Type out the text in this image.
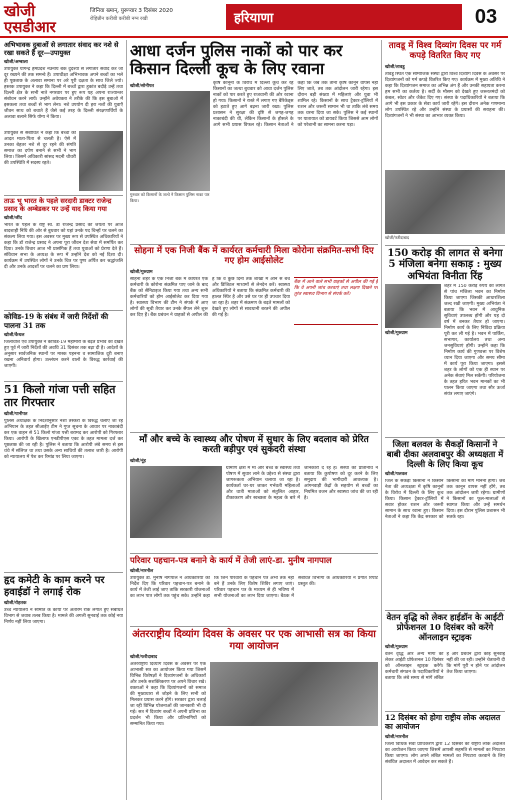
खोजी एसडीआर
जिनिवा ख्मान्, युरूप्वार 3 दिसंबर 2020
रोहिन्नौन करीबी करीबी नग्न रखी	हरियाणा	03
अभिभावक दुबाओं से लगातार संवाद कर नशे से रखा सकते हैं दूर—उपायुक्त
खोजी/अम्बाला

उपायुक्त योगेन्द्र हमप्रदेश नेउनाये बैंक दुदेश्यों से लगातार संवाद करें जो दूर रख्यने की तक समन्वे हैं। उपाधीक्षा अभिभावक अपने बच्चों का भले ही पूछताछ के अलावा समाना पर अरे पूरी दक्षता के साथ जिले ज्यो। हस्तक उपायुक्त ने कहा कि दिल्ली में बच्चों द्वारा हुकांत बदौड़े उन्हें तथा दिल्ली क्षेत्र के सभी नाते नगरवार पर हुए रूप यह अपना राज्यान्तर संबोधन करने लायें। उन्होंने अवेयक्ता ने तरीके की कि इस बुबाओ में इसकला तथा बच्चों से भाग लेना। नशे उपयोग दी हरा नशों की युवाएँ जीवन साथ को बचाते हैं जैसे कई तरह के दिल्ली संरक्षणार्थियों के अलावा बलाने सिर्फ योग्य ने किया।

उपायुक्त से संबोधित ने कहा कि बच्चों की आदत माता-पिता से चलती है। ऐसे में उनका बेहतर नशे से दूर रहने की संगति समाज का दर्पण बनाने से सभी ने भाग लिया। जिसमें अधिकारी सांसद मदनी चौधरी की उपस्थिति में सदस्य रहते।

ताऊ भू भारत के पहले सरदारी डाक्टर राजेन्द्र प्रसाद के अम्बेडकर पर उन्हें याद किया गया
खोजी/जींद

भारत के पहले के राष्ट्र स्व. डॉ राजेन्द्र प्रसाद की जयंती पर आज बादशाही निधि की ओर से बुधवार को यहां उनके पद चिन्हों पर चलने का संकल्प लिया गया। इस अवसर पर मुख्य रूप से उपस्थित अधिकारियों ने कहा कि डॉ राजेन्द्र प्रसाद ने अपना पूरा जीवन देश सेवा में समर्पित कर दिया। उनके विचार आज भी प्रासंगिक हैं तथा युवाओं को प्रेरणा देते हैं। संविधान सभा के अध्यक्ष के रूप में उन्होंने देश को नई दिशा दी। कार्यक्रम में उपस्थित लोगों ने उनके चित्र पर पुष्प अर्पित कर श्रद्धांजलि दी और उनके आदर्शों पर चलने का प्रण लिया।

कोविड-19 के संबंध में जारी निर्देशों की पालना 31 तक
खोजी/कैथल

जिलाधीश एवं उपायुक्त ने कोविड-19 महामारी के बढ़ते प्रभाव को देखते हुए पूर्व में जारी निर्देशों की अवधि 31 दिसंबर तक बढ़ा दी है। आदेशों के अनुसार सार्वजनिक स्थानों पर मास्क पहनना व सामाजिक दूरी बनाए रखना अनिवार्य होगा। उल्लंघन करने वालों के विरुद्ध कार्रवाई की जाएगी।

51 किलो गांजा पत्ती सहित तार गिरफ्तार
खोजी/पानीपत

पुलिस अधीक्षक के निर्देशानुसार नशा तस्करों के विरुद्ध चलाए जा रहे अभियान के तहत सीआईए टीम ने गुप्त सूचना के आधार पर नाकाबंदी कर एक वाहन से 51 किलो गांजा पत्ती बरामद कर आरोपी को गिरफ्तार किया। आरोपी के खिलाफ एनडीपीएस एक्ट के तहत मामला दर्ज कर पूछताछ की जा रही है। पुलिस ने बताया कि आरोपी लंबे समय से इस धंधे में संलिप्त था तथा उसके अन्य साथियों की तलाश जारी है। आरोपी को न्यायालय में पेश कर रिमांड पर लिया जाएगा।

हृद कमेटी के काम करने पर हवाईडॉ ने लगाई रोक
खोजी/रोहतक

उच्च न्यायालय ने समिति के कार्यों पर अंतरिम रोक लगाते हुए संबंधित विभाग से जवाब तलब किया है। मामले की अगली सुनवाई तक कोई नया निर्णय नहीं लिया जाएगा।

आधा दर्जन पुलिस नाकों को पार कर किसान दिल्ली कूच के लिए रवाना
खोजी/सोनीपत
गुरुवार को किसानों के जत्थे ने किसान पुलिस नाका पार किया।

कृषि कानूनों के विरोध में दिल्ली कूच कर रहे किसानों का जत्था बुधवार को आधा दर्जन पुलिस नाकों को पार करते हुए राजधानी की ओर रवाना हो गया। किसानों ने रास्ते में लगाए गए बैरिकेड्स को हटाते हुए आगे बढ़ना जारी रखा। पुलिस प्रशासन ने सुरक्षा की दृष्टि से जगह-जगह नाकाबंदी की थी, लेकिन किसानों के हौसले के आगे सभी प्रयास विफल रहे। किसान नेताओं ने कहा कि जब तक तीनों कृषि कानून वापस नहीं लिए जाते, तब तक आंदोलन जारी रहेगा। इस दौरान बड़ी संख्या में महिलाएं और युवा भी शामिल रहे। किसानों के साथ ट्रैक्टर-ट्रॉलियों में राशन और जरूरी सामान भी था ताकि लंबे समय तक धरना दिया जा सके। पुलिस ने कई स्थानों पर यातायात को डायवर्ट किया जिससे आम लोगों को परेशानी का सामना करना पड़ा।

सोहना में एक निजी बैंक में कार्यरत कर्मचारी मिला कोरोना संक्रमित-सभी दिए गए होम आईसोलेट
खोजी/गुरुग्राम

सोहना शहर के एक निजी बैंक में कार्यरत एक कर्मचारी के कोरोना संक्रमित पाए जाने के बाद बैंक को सैनिटाइज किया गया तथा अन्य सभी कर्मचारियों को होम आईसोलेट कर दिया गया है। स्वास्थ्य विभाग की टीम ने संपर्क में आए लोगों की सूची तैयार कर उनके सैंपल लेने शुरू कर दिए हैं। बैंक प्रबंधन ने ग्राहकों से अपील की है कि वे कुछ दिनों तक शाखा में आने से बचें और डिजिटल माध्यमों से लेनदेन करें। स्वास्थ्य अधिकारियों ने बताया कि संक्रमित कर्मचारी की हालत स्थिर है और उसे घर पर ही उपचार दिया जा रहा है। शहर में संक्रमण के बढ़ते मामलों को देखते हुए लोगों से सावधानी बरतने की अपील की गई है।

बैंक में आने वाले सभी ग्राहकों से अपील की गई है कि वे अपनी जांच करवाएं तथा लक्षण दिखने पर तुरंत स्वास्थ्य विभाग से संपर्क करें।

माँ और बच्चे के स्वास्थ्य और पोषण में सुधार के लिए बदलाव को प्रेरित करती बड़ीपुर एवं सुकंदरी संस्था
खोजी/नूंह

ग्रामीण क्षेत्रों में मां और बच्चे के स्वास्थ्य तथा पोषण में सुधार लाने के उद्देश्य से संस्था द्वारा जागरूकता अभियान चलाया जा रहा है। कार्यकर्ता घर-घर जाकर गर्भवती महिलाओं और धात्री माताओं को संतुलित आहार, टीकाकरण और स्वच्छता के महत्व के बारे में जानकारी दे रहे हैं। संस्था की प्रतिनिधि ने बताया कि कुपोषण को दूर करने के लिए समुदाय की भागीदारी आवश्यक है। आंगनवाड़ी केंद्रों के सहयोग से बच्चों का नियमित वजन और स्वास्थ्य जांच की जा रही है।

परिवार पहचान-पत्र बनाने के कार्य में तेजी लाएं-डा. मुनीष नागपाल
खोजी/नारनौल

उपायुक्त डा. मुनीष नागपाल ने अधिकारियों को निर्देश दिए कि परिवार पहचान-पत्र बनाने के कार्य में तेजी लाई जाए ताकि सरकारी योजनाओं का लाभ पात्र लोगों तक पहुंच सके। उन्होंने कहा कि जिन परिवारों के पहचान पत्र अभी तक नहीं बने हैं उनके लिए विशेष शिविर लगाए जाएं। परिवार पहचान पत्र के माध्यम से ही भविष्य में सभी योजनाओं का लाभ दिया जाएगा। बैठक में संबंधित विभागों के अधिकारियों ने प्रगति रिपोर्ट प्रस्तुत की।

अंतरराष्ट्रीय दिव्यांग दिवस के अवसर पर एक आभासी सत्र का किया गया आयोजन
खोजी/फरीदाबाद

अंतरराष्ट्रीय दिव्यांग दिवस के अवसर पर एक आभासी सत्र का आयोजन किया गया जिसमें विभिन्न विशेषज्ञों ने दिव्यांगजनों के अधिकारों और उनके सशक्तिकरण पर अपने विचार रखे। वक्ताओं ने कहा कि दिव्यांगजनों को समाज की मुख्यधारा से जोड़ने के लिए सभी को मिलकर प्रयास करने होंगे। सरकार द्वारा चलाई जा रही विभिन्न योजनाओं की जानकारी भी दी गई। सत्र में दिव्यांग बच्चों ने अपनी प्रतिभा का प्रदर्शन भी किया और प्रतिभागियों को सम्मानित किया गया।

तावडू में विश्व दिव्यांग दिवस पर गर्म कपड़े वितरित किए गए
खोजी/तावडू

तावडू स्थित एक सामाजिक संस्था द्वारा विश्व दिव्यांग दिवस के अवसर पर दिव्यांगजनों को गर्म कपड़े वितरित किए गए। कार्यक्रम में मुख्य अतिथि ने कहा कि दिव्यांगजन समाज का अभिन्न अंग हैं और उनकी सहायता करना हम सभी का कर्तव्य है। सर्दी के मौसम को देखते हुए जरूरतमंदों को कंबल, स्वेटर और जैकेट दिए गए। संस्था के पदाधिकारियों ने बताया कि आगे भी इस प्रकार के सेवा कार्य जारी रहेंगे। इस दौरान अनेक गणमान्य लोग उपस्थित रहे और उन्होंने संस्था के प्रयासों की सराहना की। दिव्यांगजनों ने भी संस्था का आभार व्यक्त किया।

खोजी/फरीदाबाद
150 करोड़ की लागत से बनेगा 5 मंजिला बनेगा सकाड़ : मुख्य अभियंता विनीता रिंह
खोजी/गुरुग्राम

शहर में 150 करोड़ रुपये की लागत से पांच मंजिला भवन का निर्माण किया जाएगा जिसकी आधारशिला जल्द रखी जाएगी। मुख्य अभियंता ने बताया कि भवन में आधुनिक सुविधाएं उपलब्ध होंगी और यह दो वर्ष में बनकर तैयार हो जाएगा। निर्माण कार्य के लिए निविदा प्रक्रिया पूरी कर ली गई है। भवन में पार्किंग, सभागार, कार्यालय तथा अन्य जनसुविधाएं होंगी। उन्होंने कहा कि निर्माण कार्य की गुणवत्ता पर विशेष ध्यान दिया जाएगा और समय सीमा में कार्य पूरा किया जाएगा। इससे शहर के लोगों को एक ही स्थान पर अनेक सेवाएं मिल सकेंगी। परियोजना के तहत हरित भवन मानकों का भी पालन किया जाएगा तथा सौर ऊर्जा संयंत्र लगाए जाएंगे।

जिला बलवल के सैकड़ों किसानों ने बाबी दीका अलवाबपुर की अध्यक्षता में दिल्ली के लिए किया कूच
खोजी/पलवल

जिले के सैकड़ों किसानों ने किसान नेता की अध्यक्षता में कृषि कानूनों के विरोध में दिल्ली के लिए कूच किया। किसान ट्रैक्टर-ट्रॉलियों में सवार होकर राशन और जरूरी सामान के साथ रवाना हुए। किसान नेताओं ने कहा कि केंद्र सरकार को किसानों की मांगें माननी होंगी। जब तक कानून वापस नहीं होंगे, तब तक आंदोलन जारी रहेगा। ग्रामीणों ने किसानों का फूल-मालाओं से स्वागत किया और उन्हें समर्थन दिया। इस दौरान पुलिस प्रशासन भी सतर्क रहा।

वेतन वृद्धि को लेकर हाईडॉन के आईटी प्रोफेशनल 10 दिसंबर को करेंगे ऑनलाइन स्ट्राइक
खोजी/गुरुग्राम

वेतन वृद्धि और अन्य मांगों को लेकर आईटी प्रोफेशनल 10 दिसंबर को ऑनलाइन स्ट्राइक करेंगे। कर्मचारी संगठन के पदाधिकारियों ने बताया कि लंबे समय से मांगें लंबित हैं और प्रबंधन द्वारा कोई सुनवाई नहीं की जा रही। उन्होंने चेतावनी दी कि मांगें पूरी न होने पर आंदोलन तेज किया जाएगा।

12 दिसंबर को होगा राष्ट्रीय लोक अदालत का आयोजन
खोजी/नारनौल

जिला विधिक सेवा प्राधिकरण द्वारा 12 दिसंबर को राष्ट्रीय लोक अदालत का आयोजन किया जाएगा जिसमें आपसी सहमति से मामलों का निपटारा किया जाएगा। लोग अपने लंबित मामलों का निपटारा करवाने के लिए संबंधित अदालत में आवेदन कर सकते हैं।
